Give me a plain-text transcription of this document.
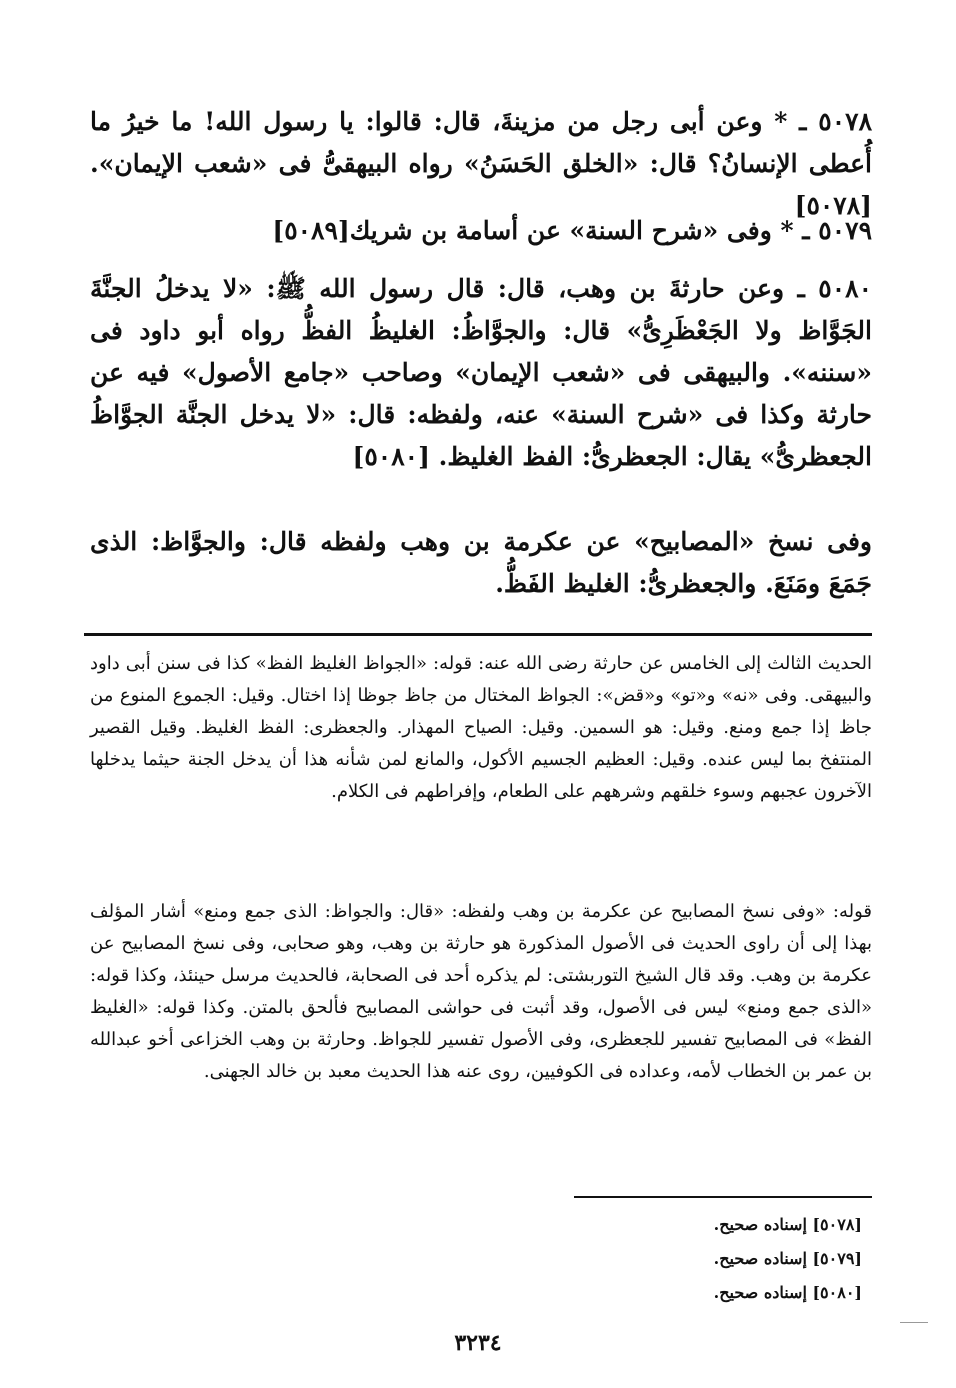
٥٠٧٨ ـ * وعن أبى رجل من مزينةَ، قال: قالوا: يا رسول الله! ما خيرُ ما أُعطى الإنسانُ؟ قال: «الخلق الحَسَنُ» رواه البيهقىُّ فى «شعب الإيمان». [٥٠٧٨]
٥٠٧٩ ـ * وفى «شرح السنة» عن أسامة بن شريك[٥٠٨٩]
٥٠٨٠ ـ وعن حارثةَ بن وهب، قال: قال رسول الله ﷺ: «لا يدخلُ الجنَّةَ الجَوَّاظ ولا الجَعْظَرِىُّ» قال: والجوَّاظُ: الغليظُ الفظُّ رواه أبو داود فى «سننه». والبيهقى فى «شعب الإيمان» وصاحب «جامع الأصول» فيه عن حارثة وكذا فى «شرح السنة» عنه، ولفظه: قال: «لا يدخل الجنَّة الجوَّاظُ الجعظرىُّ» يقال: الجعظرىُّ: الفظ الغليظ. [٥٠٨٠]
وفى نسخ «المصابيح» عن عكرمة بن وهب ولفظه قال: والجوَّاظ: الذى جَمَعَ ومَنَعَ. والجعظرىُّ: الغليظ الفَظُّ.
الحديث الثالث إلى الخامس عن حارثة رضى الله عنه: قوله: «الجواظ الغليظ الفظ» كذا فى سنن أبى داود والبيهقى. وفى «نه» و«تو» و«قض»: الجواظ المختال من جاظ جوظا إذا اختال. وقيل: الجموع المنوع من جاظ إذا جمع ومنع. وقيل: هو السمين. وقيل: الصياح المهذار. والجعظرى: الفظ الغليظ. وقيل القصير المنتفخ بما ليس عنده. وقيل: العظيم الجسيم الأكول، والمانع لمن شأنه هذا أن يدخل الجنة حيثما يدخلها الآخرون عجبهم وسوء خلقهم وشرههم على الطعام، وإفراطهم فى الكلام.
قوله: «وفى نسخ المصابيح عن عكرمة بن وهب ولفظه: «قال: والجواظ: الذى جمع ومنع» أشار المؤلف بهذا إلى أن راوى الحديث فى الأصول المذكورة هو حارثة بن وهب، وهو صحابى، وفى نسخ المصابيح عن عكرمة بن وهب. وقد قال الشيخ التوربشتى: لم يذكره أحد فى الصحابة، فالحديث مرسل حينئذ، وكذا قوله: «الذى جمع ومنع» ليس فى الأصول، وقد أثبت فى حواشى المصابيح فألحق بالمتن. وكذا قوله: «الغليظ الفظ» فى المصابيح تفسير للجعظرى، وفى الأصول تفسير للجواظ. وحارثة بن وهب الخزاعى أخو عبدالله بن عمر بن الخطاب لأمه، وعداده فى الكوفيين، روى عنه هذا الحديث معبد بن خالد الجهنى.
[٥٠٧٨] إسناده صحيح.
[٥٠٧٩] إسناده صحيح.
[٥٠٨٠] إسناده صحيح.
٣٢٣٤
